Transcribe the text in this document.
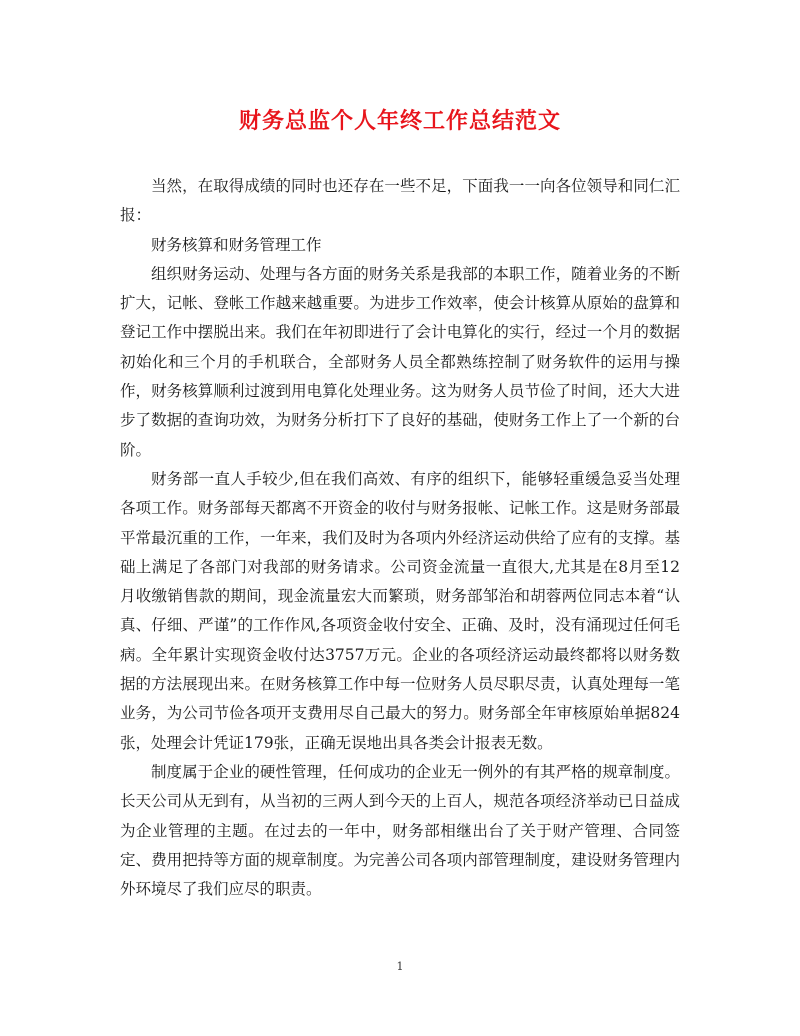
财务总监个人年终工作总结范文

当然，在取得成绩的同时也还存在一些不足，下面我一一向各位领导和同仁汇报：

财务核算和财务管理工作

组织财务运动、处理与各方面的财务关系是我部的本职工作，随着业务的不断扩大，记帐、登帐工作越来越重要。为进步工作效率，使会计核算从原始的盘算和登记工作中摆脱出来。我们在年初即进行了会计电算化的实行，经过一个月的数据初始化和三个月的手机联合，全部财务人员全都熟练控制了财务软件的运用与操作，财务核算顺利过渡到用电算化处理业务。这为财务人员节俭了时间，还大大进步了数据的查询功效，为财务分析打下了良好的基础，使财务工作上了一个新的台阶。

财务部一直人手较少,但在我们高效、有序的组织下，能够轻重缓急妥当处理各项工作。财务部每天都离不开资金的收付与财务报帐、记帐工作。这是财务部最平常最沉重的工作，一年来，我们及时为各项内外经济运动供给了应有的支撑。基础上满足了各部门对我部的财务请求。公司资金流量一直很大,尤其是在8月至12月收缴销售款的期间，现金流量宏大而繁琐，财务部邹治和胡蓉两位同志本着“认真、仔细、严谨”的工作作风,各项资金收付安全、正确、及时，没有涌现过任何毛病。全年累计实现资金收付达3757万元。企业的各项经济运动最终都将以财务数据的方法展现出来。在财务核算工作中每一位财务人员尽职尽责，认真处理每一笔业务，为公司节俭各项开支费用尽自己最大的努力。财务部全年审核原始单据824张，处理会计凭证179张，正确无误地出具各类会计报表无数。

制度属于企业的硬性管理，任何成功的企业无一例外的有其严格的规章制度。长天公司从无到有，从当初的三两人到今天的上百人，规范各项经济举动已日益成为企业管理的主题。在过去的一年中，财务部相继出台了关于财产管理、合同签定、费用把持等方面的规章制度。为完善公司各项内部管理制度，建设财务管理内外环境尽了我们应尽的职责。

1
